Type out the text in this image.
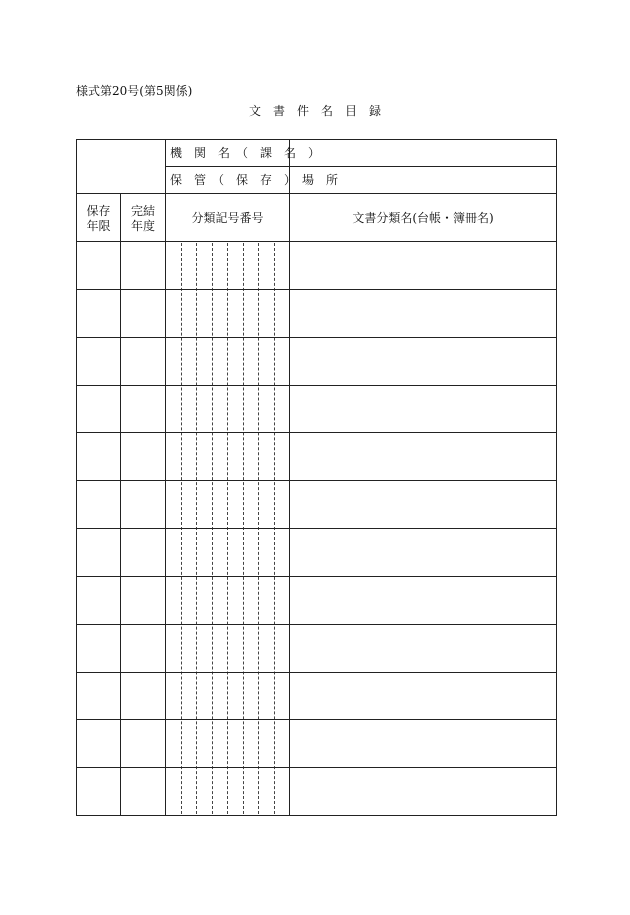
様式第20号(第5関係)
文　書　件　名　目　録
機　関　名　（　課　名　）
保　管　（　保　存　）　場　所
保存
年限
完結
年度
分類記号番号	文書分類名(台帳・簿冊名)
